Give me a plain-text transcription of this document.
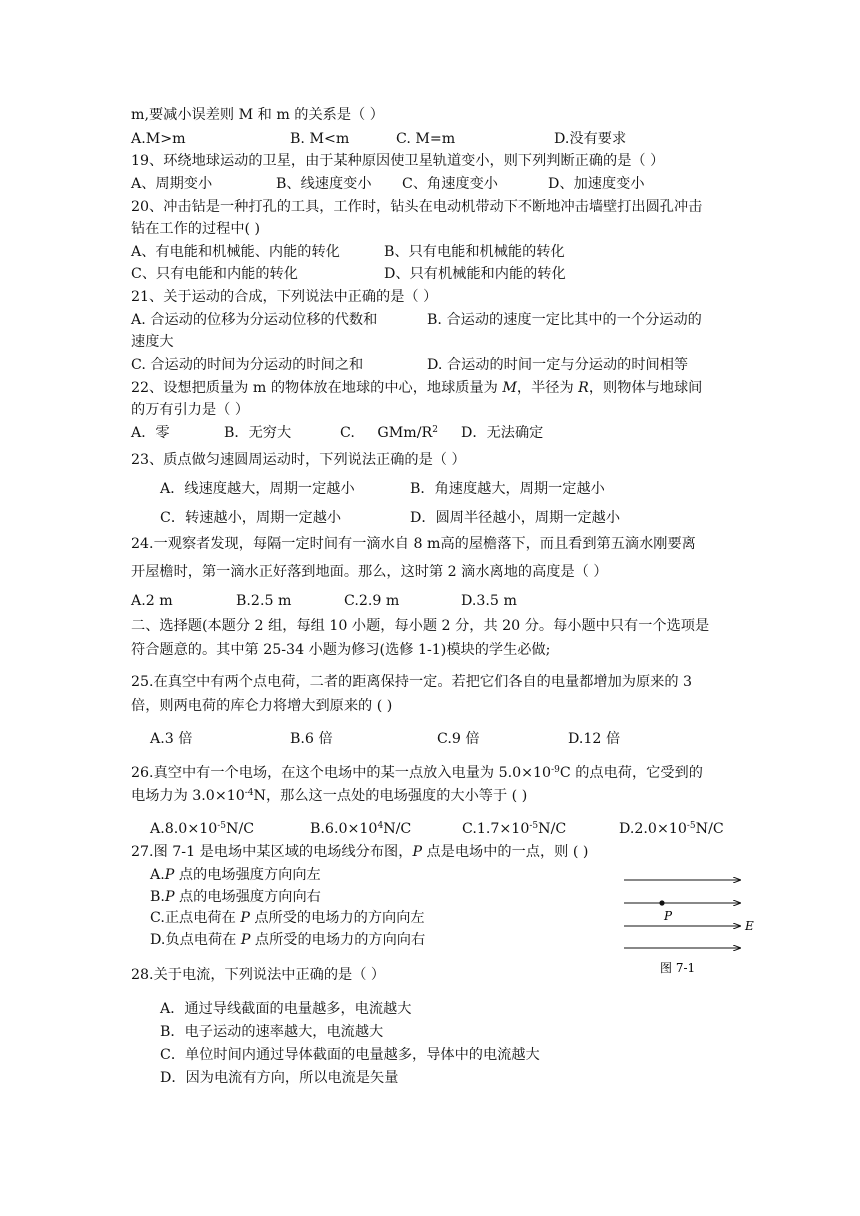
m,要减小误差则 M 和 m 的关系是（ ）
A.M>m	B. M<m	C. M=m	D.没有要求
19、环绕地球运动的卫星，由于某种原因使卫星轨道变小，则下列判断正确的是（ ）
A、周期变小	B、线速度变小 C、角速度变小	D、加速度变小
20、冲击钻是一种打孔的工具，工作时，钻头在电动机带动下不断地冲击墙壁打出圆孔冲击
钻在工作的过程中( )
A、有电能和机械能、内能的转化	B、只有电能和机械能的转化
C、只有电能和内能的转化	D、只有机械能和内能的转化
21、关于运动的合成，下列说法中正确的是（ ）
A. 合运动的位移为分运动位移的代数和	B. 合运动的速度一定比其中的一个分运动的
速度大
C. 合运动的时间为分运动的时间之和	D. 合运动的时间一定与分运动的时间相等
22、设想把质量为 m 的物体放在地球的中心，地球质量为 M，半径为 R，则物体与地球间
的万有引力是（ ）
A．零	B．无穷大	C. GMm/$R^2$ D．无法确定
23、质点做匀速圆周运动时，下列说法正确的是（ ）
A．线速度越大，周期一定越小	B．角速度越大，周期一定越小
C．转速越小，周期一定越小	D．圆周半径越小，周期一定越小
24.一观察者发现，每隔一定时间有一滴水自 8 m高的屋檐落下，而且看到第五滴水刚要离
开屋檐时，第一滴水正好落到地面。那么，这时第 2 滴水离地的高度是（ ）
A.2 m	B.2.5 m	C.2.9 m	D.3.5 m
二、选择题(本题分 2 组，每组 10 小题，每小题 2 分，共 20 分。每小题中只有一个选项是
符合题意的。其中第 25-34 小题为修习(选修 1-1)模块的学生必做;
25.在真空中有两个点电荷，二者的距离保持一定。若把它们各自的电量都增加为原来的 3
倍，则两电荷的库仑力将增大到原来的 ( )
A.3 倍	B.6 倍	C.9 倍	D.12 倍
26.真空中有一个电场，在这个电场中的某一点放入电量为 $5.0\times 10^{-9}C$ 的点电荷，它受到的
电场力为 $3.0\times 10^{-4}N$，那么这一点处的电场强度的大小等于 ( )
$A.8.0\times 10^{-5}N/C$	$B.6.0\times 10^4N/C$	$C.1.7\times 10^{-5}N/C$	$D.2.0\times 10^{-5}N/C$
27.图 7-1 是电场中某区域的电场线分布图，P 点是电场中的一点，则 ( )
A.P 点的电场强度方向向左
B.P 点的电场强度方向向右
C.正点电荷在 P 点所受的电场力的方向向左
D.负点电荷在 P 点所受的电场力的方向向右
P
E
图 7-1
28.关于电流，下列说法中正确的是（ ）
A．通过导线截面的电量越多，电流越大
B．电子运动的速率越大，电流越大
C．单位时间内通过导体截面的电量越多，导体中的电流越大
D．因为电流有方向，所以电流是矢量
